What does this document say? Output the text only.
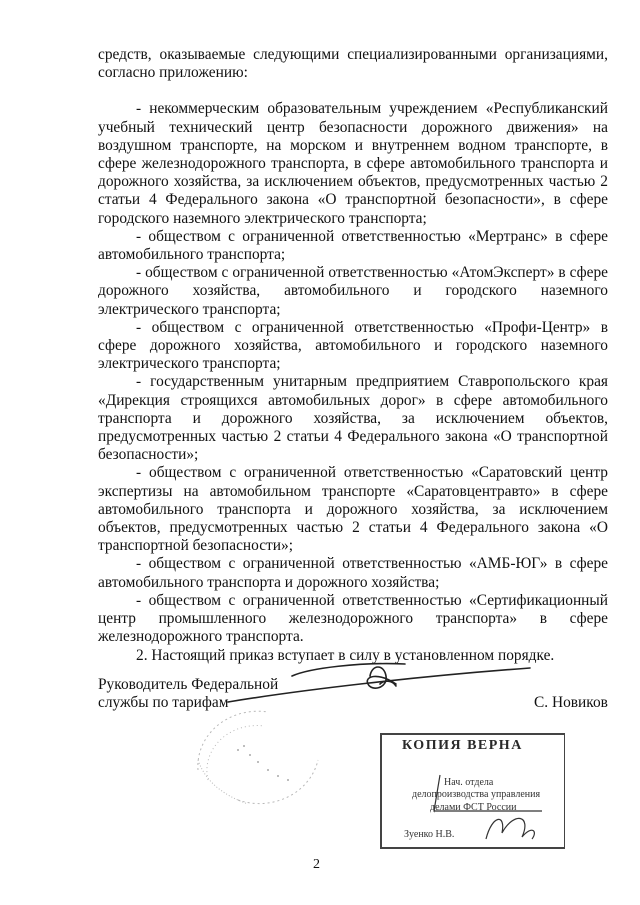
средств, оказываемые следующими специализированными организациями, согласно приложению:

- некоммерческим образовательным учреждением «Республиканский учебный технический центр безопасности дорожного движения» на воздушном транспорте, на морском и внутреннем водном транспорте, в сфере железнодорожного транспорта, в сфере автомобильного транспорта и дорожного хозяйства, за исключением объектов, предусмотренных частью 2 статьи 4 Федерального закона «О транспортной безопасности», в сфере городского наземного электрического транспорта;

- обществом с ограниченной ответственностью «Мертранс» в сфере автомобильного транспорта;

- обществом с ограниченной ответственностью «АтомЭксперт» в сфере дорожного хозяйства, автомобильного и городского наземного электрического транспорта;

- обществом с ограниченной ответственностью «Профи-Центр» в сфере дорожного хозяйства, автомобильного и городского наземного электрического транспорта;

- государственным унитарным предприятием Ставропольского края «Дирекция строящихся автомобильных дорог» в сфере автомобильного транспорта и дорожного хозяйства, за исключением объектов, предусмотренных частью 2 статьи 4 Федерального закона «О транспортной безопасности»;

- обществом с ограниченной ответственностью «Саратовский центр экспертизы на автомобильном транспорте «Саратовцентравто» в сфере автомобильного транспорта и дорожного хозяйства, за исключением объектов, предусмотренных частью 2 статьи 4 Федерального закона «О транспортной безопасности»;

- обществом с ограниченной ответственностью «АМБ-ЮГ» в сфере автомобильного транспорта и дорожного хозяйства;

- обществом с ограниченной ответственностью «Сертификационный центр промышленного железнодорожного транспорта» в сфере железнодорожного транспорта.

2. Настоящий приказ вступает в силу в установленном порядке.

Руководитель Федеральной
службы по тарифам	С. Новиков
КОПИЯ ВЕРНА
Нач. отдела
делопроизводства управления
делами ФСТ России
Зуенко Н.В.
2
